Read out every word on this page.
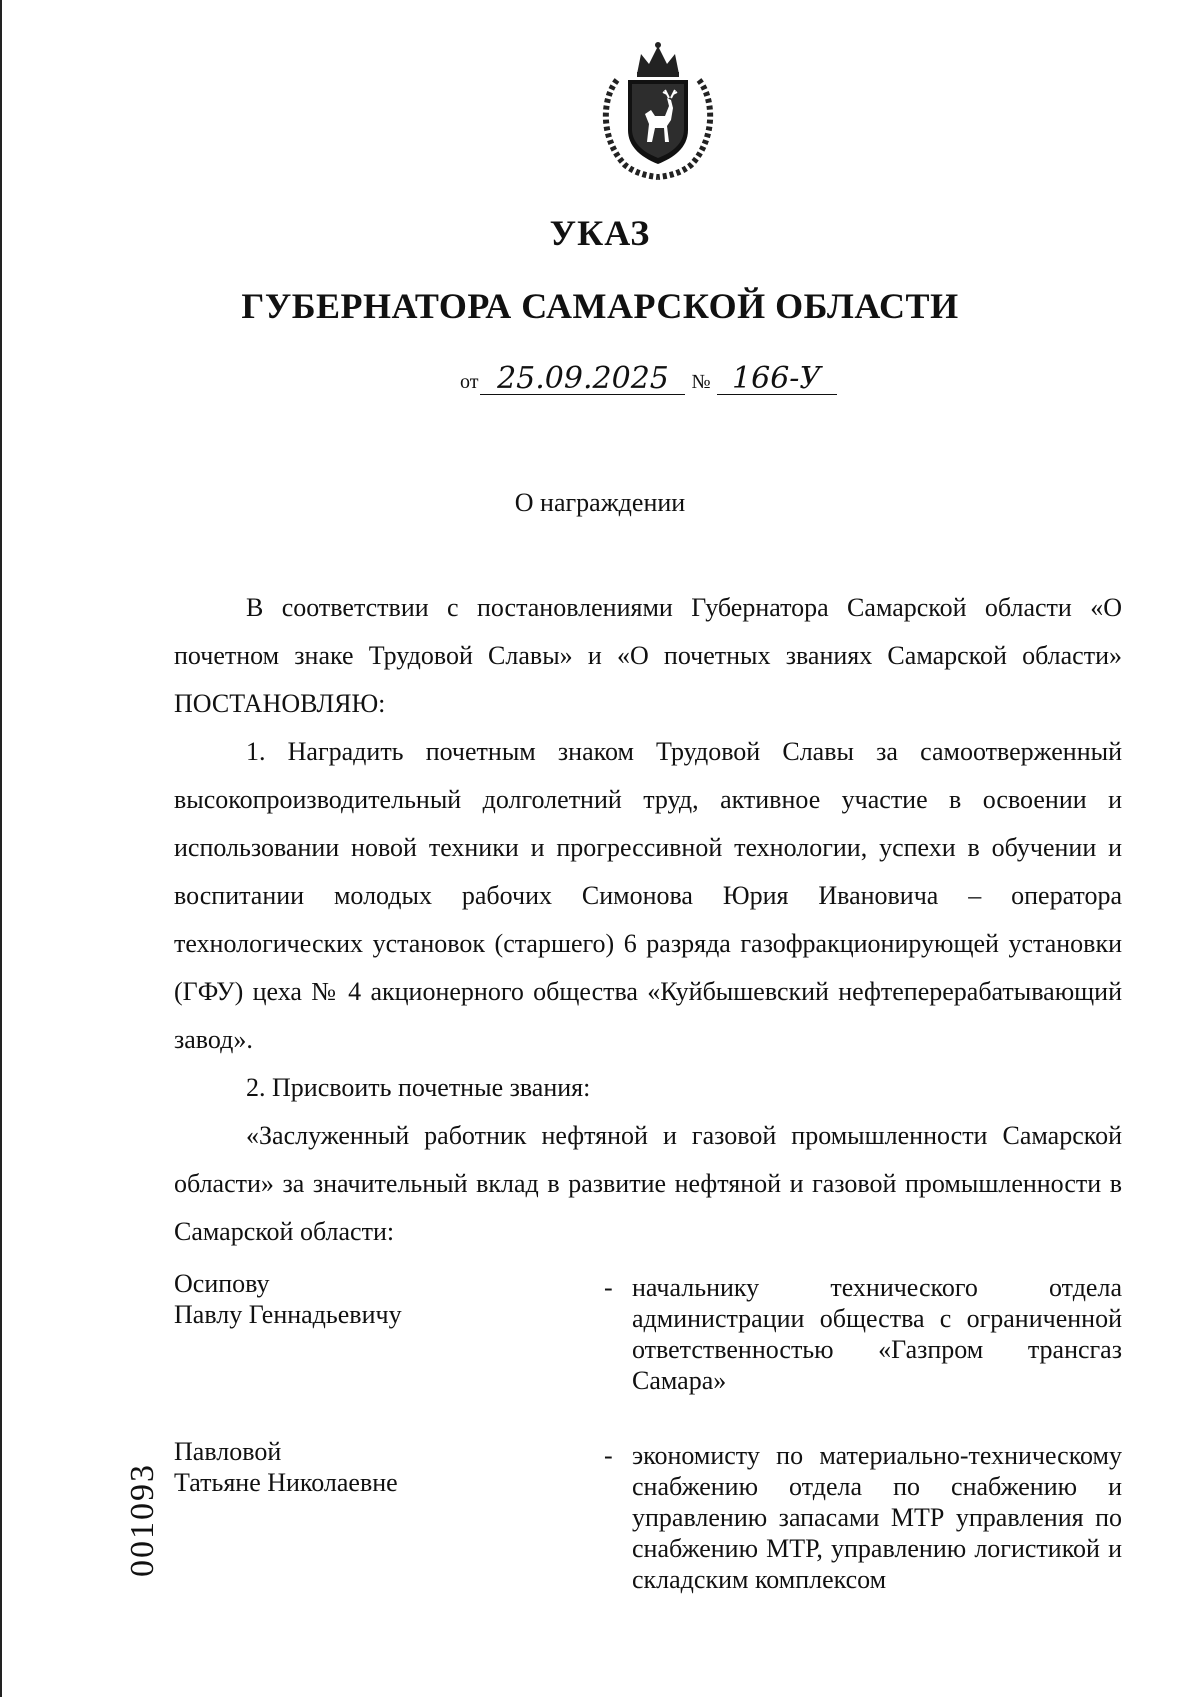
УКАЗ
ГУБЕРНАТОРА САМАРСКОЙ ОБЛАСТИ
от 25.09.2025 № 166-У
О награждении

В соответствии с постановлениями Губернатора Самарской области «О почетном знаке Трудовой Славы» и «О почетных званиях Самарской области» ПОСТАНОВЛЯЮ:

1. Наградить почетным знаком Трудовой Славы за самоотверженный высокопроизводительный долголетний труд, активное участие в освоении и использовании новой техники и прогрессивной технологии, успехи в обучении и воспитании молодых рабочих Симонова Юрия Ивановича – оператора технологических установок (старшего) 6 разряда газофракционирующей установки (ГФУ) цеха № 4 акционерного общества «Куйбышевский нефтеперерабатывающий завод».

2. Присвоить почетные звания:

«Заслуженный работник нефтяной и газовой промышленности Самарской области» за значительный вклад в развитие нефтяной и газовой промышленности в Самарской области:

Осипову
Павлу Геннадьевичу
- начальнику технического отдела администрации общества с ограниченной ответственностью «Газпром трансгаз Самара»

Павловой
Татьяне Николаевне
- экономисту по материально-техническому снабжению отдела по снабжению и управлению запасами МТР управления по снабжению МТР, управлению логистикой и складским комплексом

001093
